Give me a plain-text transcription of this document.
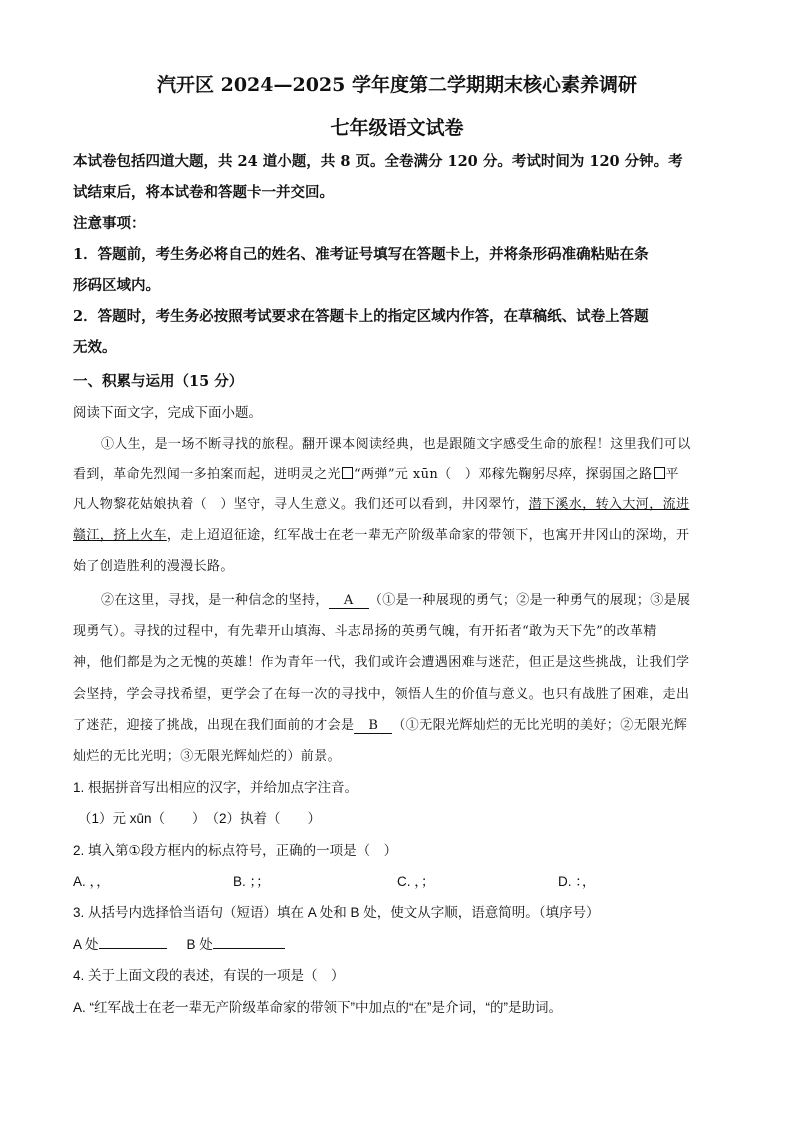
汽开区 2024—2025 学年度第二学期期末核心素养调研
七年级语文试卷
本试卷包括四道大题，共 24 道小题，共 8 页。全卷满分 120 分。考试时间为 120 分钟。考
试结束后，将本试卷和答题卡一并交回。
注意事项：
1．答题前，考生务必将自己的姓名、准考证号填写在答题卡上，并将条形码准确粘贴在条
形码区域内。
2．答题时，考生务必按照考试要求在答题卡上的指定区域内作答，在草稿纸、试卷上答题
无效。
一、积累与运用（15 分）
阅读下面文字，完成下面小题。
①人生，是一场不断寻找的旅程。翻开课本阅读经典，也是跟随文字感受生命的旅程！这里我们可以
看到，革命先烈闻一多拍案而起，迸明灵之光 “两弹”元 xūn（　）邓稼先鞠躬尽瘁，探弱国之路 平
凡人物黎花姑娘执着（　）坚守，寻人生意义。我们还可以看到，井冈翠竹，潜下溪水，转入大河，流进
赣江，挤上火车，走上迢迢征途，红军战士在老一辈无产阶级革命家的带领下，也寓开井冈山的深坳，开
始了创造胜利的漫漫长路。
②在这里，寻找，是一种信念的坚持， A （①是一种展现的勇气；②是一种勇气的展现；③是展
现勇气）。寻找的过程中，有先辈开山填海、斗志昂扬的英勇气魄，有开拓者“敢为天下先”的改革精
神，他们都是为之无愧的英雄！作为青年一代，我们或许会遭遇困难与迷茫，但正是这些挑战，让我们学
会坚持，学会寻找希望，更学会了在每一次的寻找中，领悟人生的价值与意义。也只有战胜了困难，走出
了迷茫，迎接了挑战，出现在我们面前的才会是 B （①无限光辉灿烂的无比光明的美好；②无限光辉
灿烂的无比光明；③无限光辉灿烂的）前景。
1. 根据拼音写出相应的汉字，并给加点字注音。
（1）元 xūn（　　）　（2）执着（　　）
2. 填入第①段方框内的标点符号，正确的一项是（　）
A. ，，	B. ；；	C. ，；	D. ：，
3. 从括号内选择恰当语句（短语）填在 A 处和 B 处，使文从字顺，语意简明。（填序号）
A 处	B 处
4. 关于上面文段的表述，有误的一项是（　）
A. “红军战士在老一辈无产阶级革命家的带领下”中加点的“在”是介词，“的”是助词。
